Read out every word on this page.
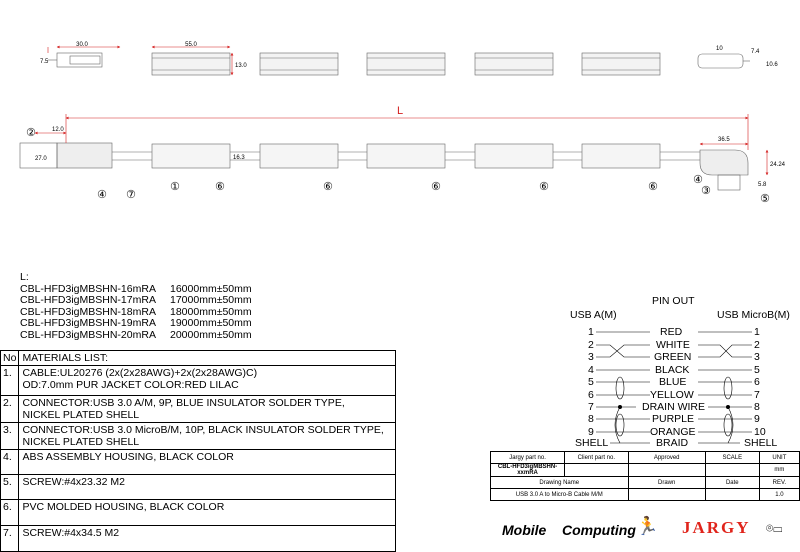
30.0
7.5
55.0
13.0
10	7.4
10.6
L
12.0
27.0	16.3
36.5
24.24
5.8
①
②
④ ⑦
⑥	⑥	⑥	⑥	⑥
④
③
⑤
L:
CBL-HFD3igMBSHN-16mRA	16000mm±50mm
CBL-HFD3igMBSHN-17mRA	17000mm±50mm
CBL-HFD3igMBSHN-18mRA	18000mm±50mm
CBL-HFD3igMBSHN-19mRA	19000mm±50mm
CBL-HFD3igMBSHN-20mRA	20000mm±50mm
No	MATERIALS LIST:
1.	CABLE:UL20276 (2x(2x28AWG)+2x(2x28AWG)C)
OD:7.0mm PUR JACKET COLOR:RED LILAC

2.	CONNECTOR:USB 3.0 A/M, 9P, BLUE INSULATOR SOLDER TYPE,
NICKEL PLATED SHELL

3.	CONNECTOR:USB 3.0 MicroB/M, 10P, BLACK INSULATOR SOLDER TYPE,
NICKEL PLATED SHELL

4.	ABS ASSEMBLY HOUSING, BLACK COLOR
5.	SCREW:#4x23.32 M2
6.	PVC MOLDED HOUSING, BLACK COLOR
7.	SCREW:#4x34.5 M2
PIN OUT
USB A(M)	USB MicroB(M)
1	RED	1
2	WHITE	2
3	GREEN	3
4	BLACK	5
5	BLUE	6
6	YELLOW	7
7	DRAIN WIRE	8
8	PURPLE	9
9	ORANGE	10
SHELL	BRAID	SHELL
Jargy part no.	Client part no.	Approved	SCALE	UNIT
CBL-HFD3igMBSHN-xxmRA				mm
Drawing Name		Drawn	Date	REV.
USB 3.0 A to Micro-B Cable M/M				1.0
Mobile Computing 🏃 JARGY ⌾▭
